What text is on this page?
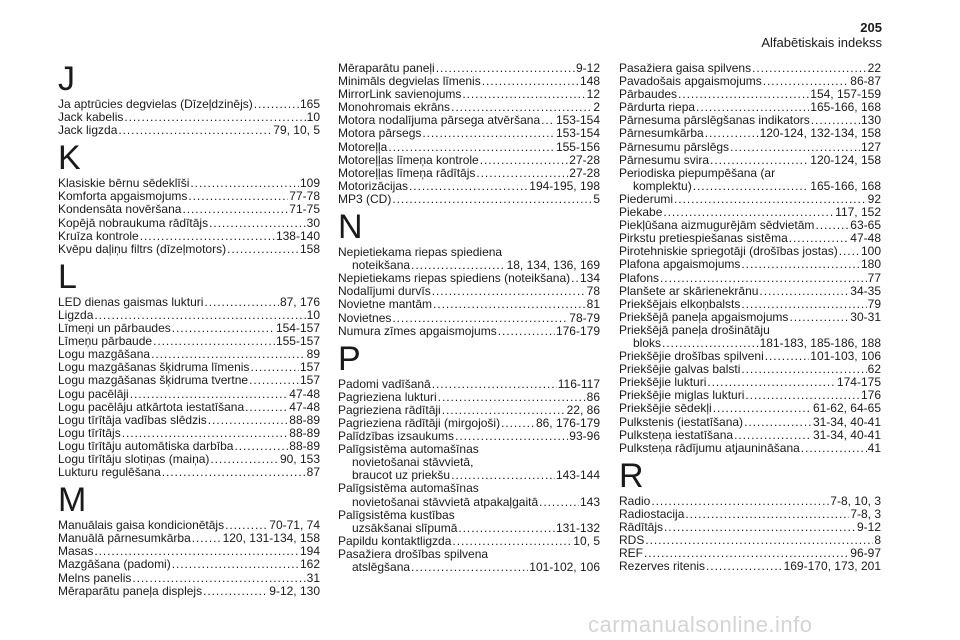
205
Alfabētiskais indekss
J
Ja aptrūcies degvielas (Dīzeļdzinējs) . . .	165
Jack kabelis . . .	10
Jack ligzda . . .	79, 10, 5
K
Klasiskie bērnu sēdeklīši . . .	109
Komforta apgaismojums . . .	77-78
Kondensāta novēršana . . .	71-75
Kopējā nobraukuma rādītājs . . .	30
Kruīza kontrole . . .	138-140
Kvēpu daļiņu filtrs (dīzeļmotors) . . .	158
L
LED dienas gaismas lukturi . . .	87, 176
Ligzda . . .	10
Līmeņi un pārbaudes . . .	154-157
Līmeņu pārbaude . . .	155-157
Logu mazgāšana . . .	89
Logu mazgāšanas šķidruma līmenis . . .	157
Logu mazgāšanas šķidruma tvertne . . .	157
Logu pacēlāji . . .	47-48
Logu pacēlāju atkārtota iestatīšana . . .	47-48
Logu tīrītāja vadības slēdzis . . .	88-89
Logu tīrītājs . . .	88-89
Logu tīrītāju automātiska darbība . . .	88-89
Logu tīrītāju slotiņas (maiņa) . . .	90, 153
Lukturu regulēšana . . .	87
M
Manuālais gaisa kondicionētājs . . .	70-71, 74
Manuālā pārnesumkārba . . .	120, 131-134, 158
Masas . . .	194
Mazgāšana (padomi) . . .	162
Melns panelis . . .	31
Mēraparātu paneļa displejs . . .	9-12, 130
Mēraparātu paneļi . . .	9-12
Minimāls degvielas līmenis . . .	148
MirrorLink savienojums . . .	12
Monohromais ekrāns . . .	2
Motora nodalījuma pārsega atvēršana . . . 153-154
Motora pārsegs . . .	153-154
Motoreļļa . . .	155-156
Motoreļļas līmeņa kontrole . . .	27-28
Motoreļļas līmeņa rādītājs . . .	27-28
Motorizācijas . . .	194-195, 198
MP3 (CD) . . .	5
N
Nepietiekama riepas spiediena
noteikšana . . .	18, 134, 136, 169
Nepietiekams riepas spiediens (noteikšana) . . . 134
Nodalījumi durvīs . . .	78
Novietne mantām . . .	81
Novietnes . . .	78-79
Numura zīmes apgaismojums . . .	176-179
P
Padomi vadīšanā . . .	116-117
Pagrieziena lukturi . . .	86
Pagrieziena rādītāji . . .	22, 86
Pagrieziena rādītāji (mirgojoši) . . .	86, 176-179
Palīdzības izsaukums . . .	93-96
Palīgsistēma automašīnas
novietošanai stāvvietā,
braucot uz priekšu . . .	143-144
Palīgsistēma automašīnas
novietošanai stāvvietā atpakaļgaitā . . .	143
Palīgsistēma kustības
uzsākšanai slīpumā . . .	131-132
Papildu kontaktligzda . . .	10, 5
Pasažiera drošības spilvena
atslēgšana . . .	101-102, 106
Pasažiera gaisa spilvens . . .	22
Pavadošais apgaismojums . . .	86-87
Pārbaudes . . .	154, 157-159
Pārdurta riepa . . .	165-166, 168
Pārnesuma pārslēgšanas indikators . . .	130
Pārnesumkārba . . .	120-124, 132-134, 158
Pārnesumu pārslēgs . . .	127
Pārnesumu svira . . .	120-124, 158
Periodiska piepumpēšana (ar
komplektu) . . .	165-166, 168
Piederumi . . .	92
Piekabe . . .	117, 152
Piekļūšana aizmugurējām sēdvietām . . .	63-65
Pirkstu pretiespiešanas sistēma . . .	47-48
Pirotehniskie spriegotāji (drošības jostas) . . . 100
Plafona apgaismojums . . .	180
Plafons . . .	77
Planšete ar skārienekrānu . . .	34-35
Priekšējais elkoņbalsts . . .	79
Priekšējā paneļa apgaismojums . . .	30-31
Priekšējā paneļa drošinātāju
bloks . . .	181-183, 185-186, 188
Priekšējie drošības spilveni . . .	101-103, 106
Priekšējie galvas balsti . . .	62
Priekšējie lukturi . . .	174-175
Priekšējie miglas lukturi . . .	176
Priekšējie sēdekļi . . .	61-62, 64-65
Pulkstenis (iestatīšana) . . .	31-34, 40-41
Pulksteņa iestatīšana . . .	31-34, 40-41
Pulksteņa rādījumu atjaunināšana . . .	41
R
Radio . . .	7-8, 10, 3
Radiostacija . . .	7-8, 3
Rādītājs . . .	9-12
RDS . . .	8
REF . . .	96-97
Rezerves ritenis . . .	169-170, 173, 201
carmanualsonline.info
